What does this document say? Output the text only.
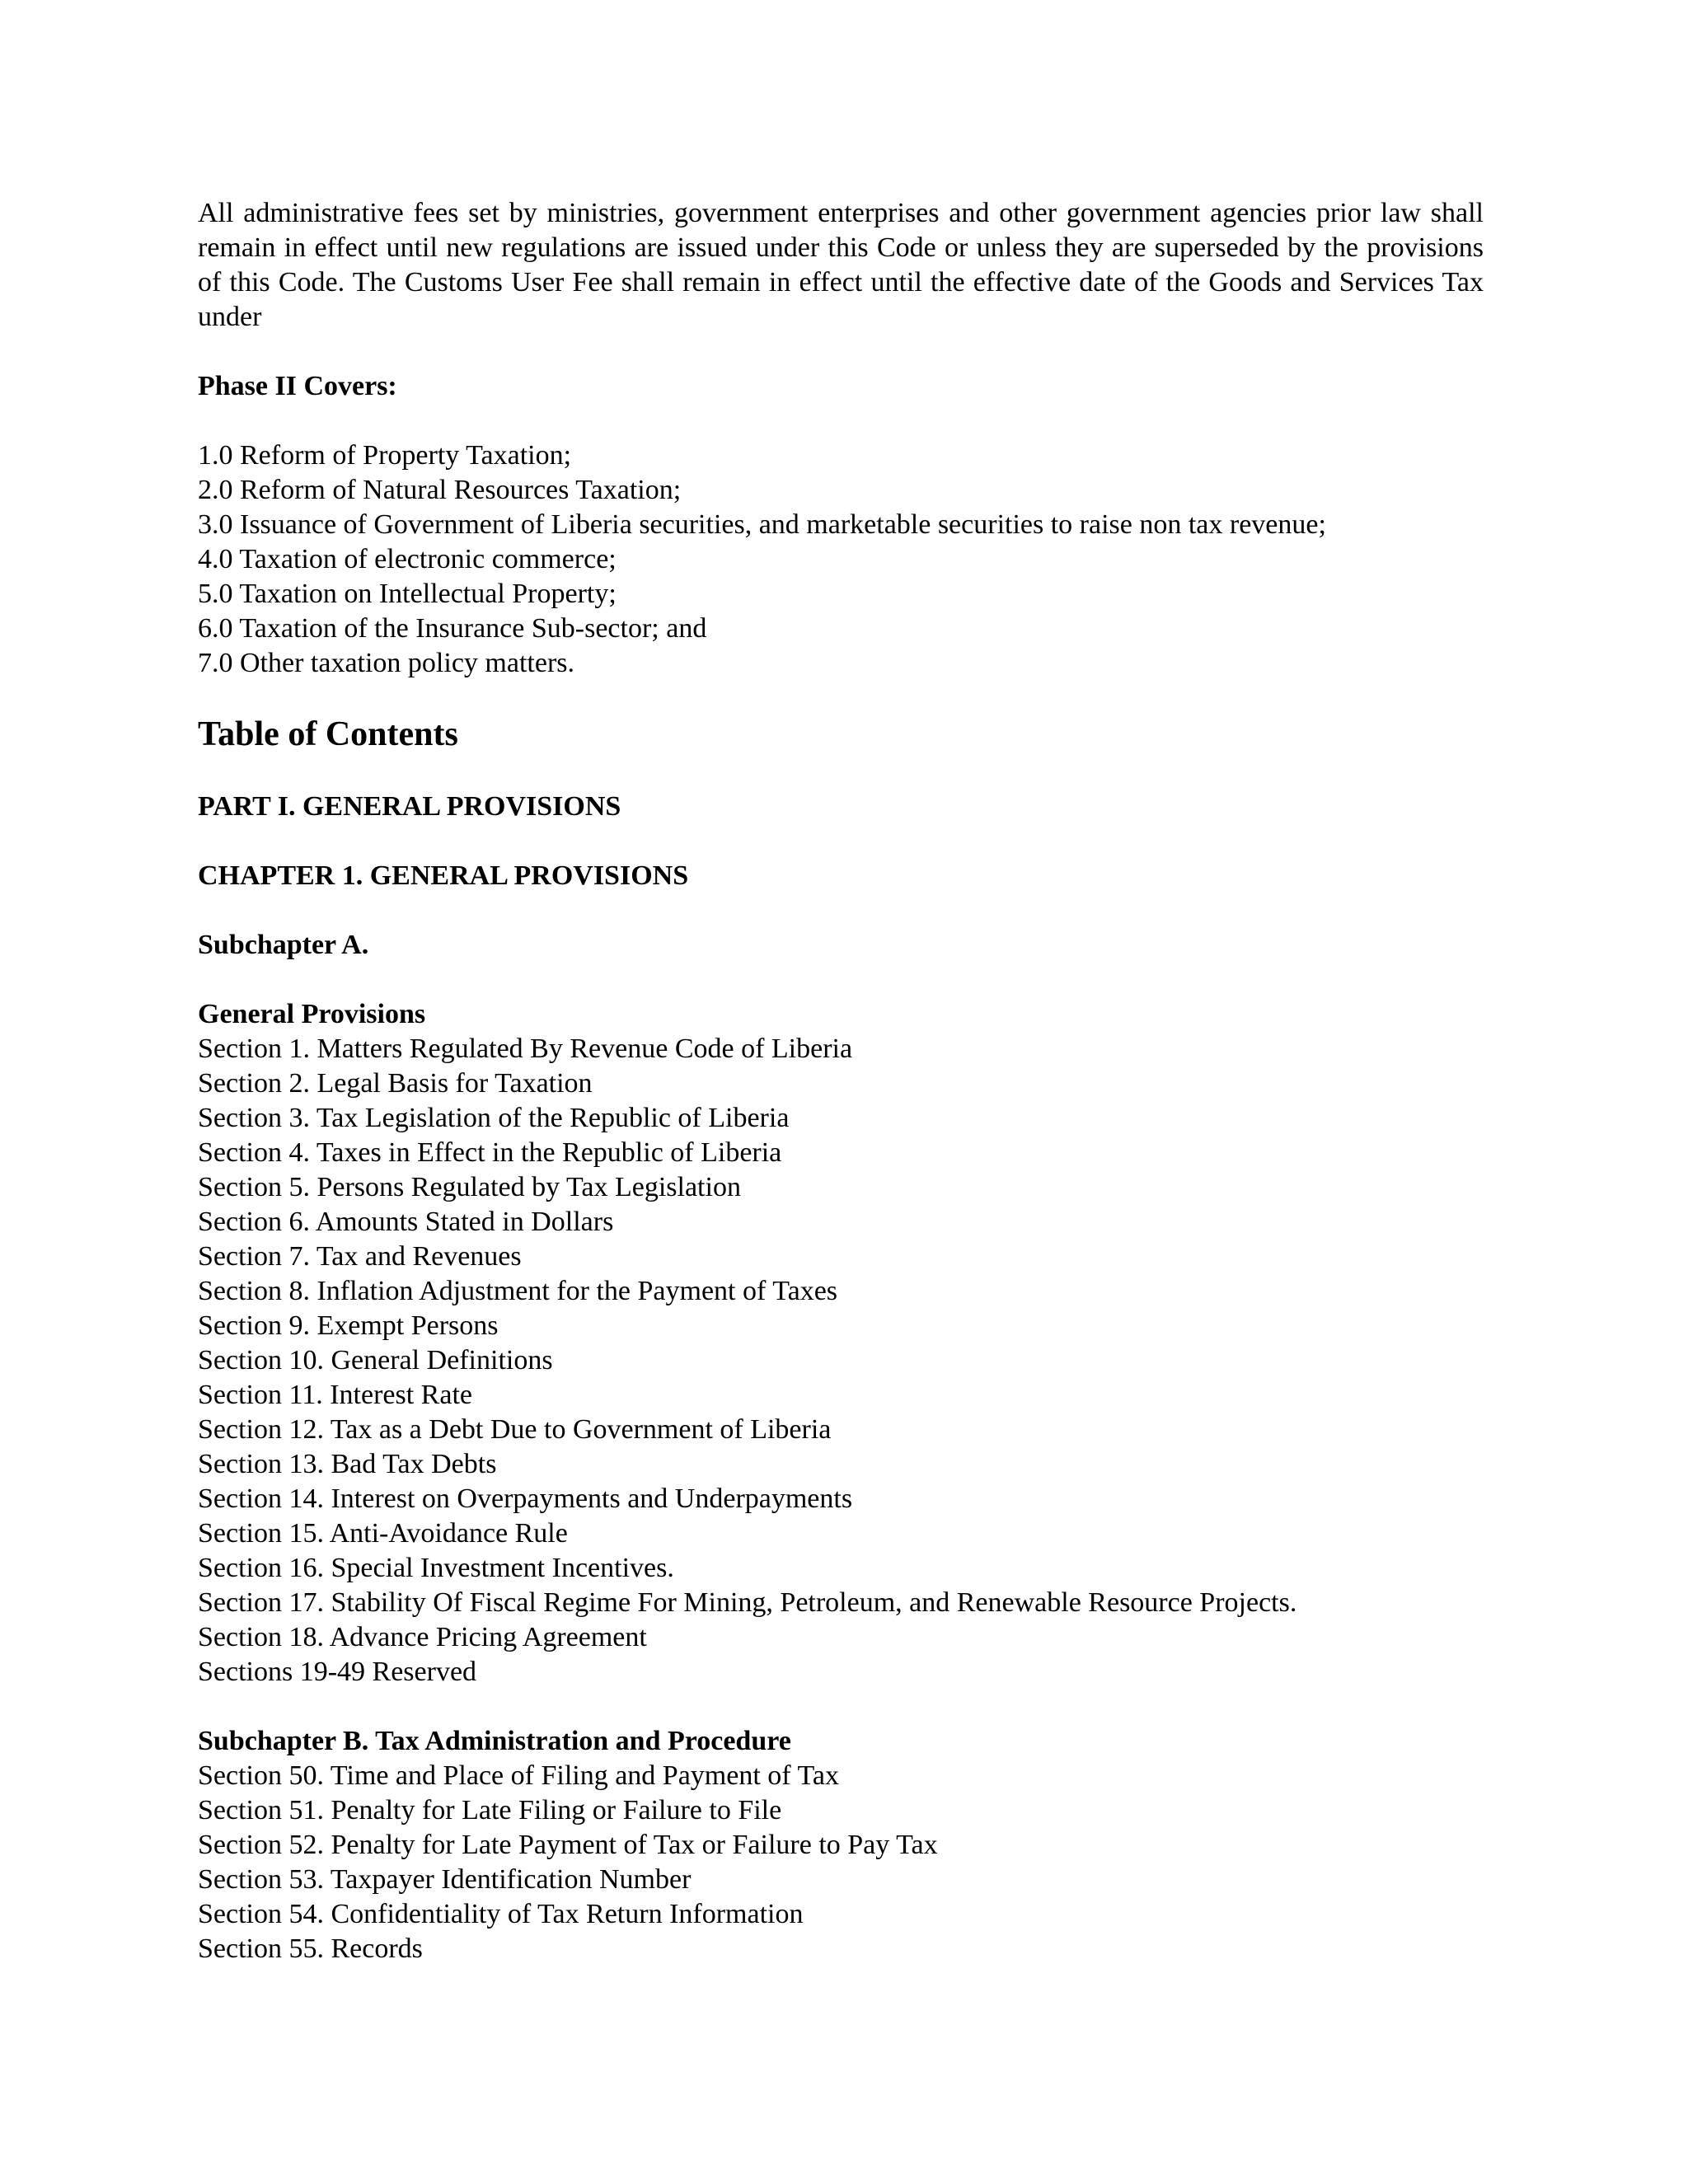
All administrative fees set by ministries, government enterprises and other government agencies prior law shall remain in effect until new regulations are issued under this Code or unless they are superseded by the provisions of this Code. The Customs User Fee shall remain in effect until the effective date of the Goods and Services Tax under

Phase II Covers:

1.0 Reform of Property Taxation;

2.0 Reform of Natural Resources Taxation;

3.0 Issuance of Government of Liberia securities, and marketable securities to raise non tax revenue;

4.0 Taxation of electronic commerce;

5.0 Taxation on Intellectual Property;

6.0 Taxation of the Insurance Sub-sector; and

7.0 Other taxation policy matters.

Table of Contents

PART I. GENERAL PROVISIONS

CHAPTER 1. GENERAL PROVISIONS

Subchapter A.

General Provisions

Section 1. Matters Regulated By Revenue Code of Liberia

Section 2. Legal Basis for Taxation

Section 3. Tax Legislation of the Republic of Liberia

Section 4. Taxes in Effect in the Republic of Liberia

Section 5. Persons Regulated by Tax Legislation

Section 6. Amounts Stated in Dollars

Section 7. Tax and Revenues

Section 8. Inflation Adjustment for the Payment of Taxes

Section 9. Exempt Persons

Section 10. General Definitions

Section 11. Interest Rate

Section 12. Tax as a Debt Due to Government of Liberia

Section 13. Bad Tax Debts

Section 14. Interest on Overpayments and Underpayments

Section 15. Anti-Avoidance Rule

Section 16. Special Investment Incentives.

Section 17. Stability Of Fiscal Regime For Mining, Petroleum, and Renewable Resource Projects.

Section 18. Advance Pricing Agreement

Sections 19-49 Reserved

Subchapter B. Tax Administration and Procedure

Section 50. Time and Place of Filing and Payment of Tax

Section 51. Penalty for Late Filing or Failure to File

Section 52. Penalty for Late Payment of Tax or Failure to Pay Tax

Section 53. Taxpayer Identification Number

Section 54. Confidentiality of Tax Return Information

Section 55. Records
